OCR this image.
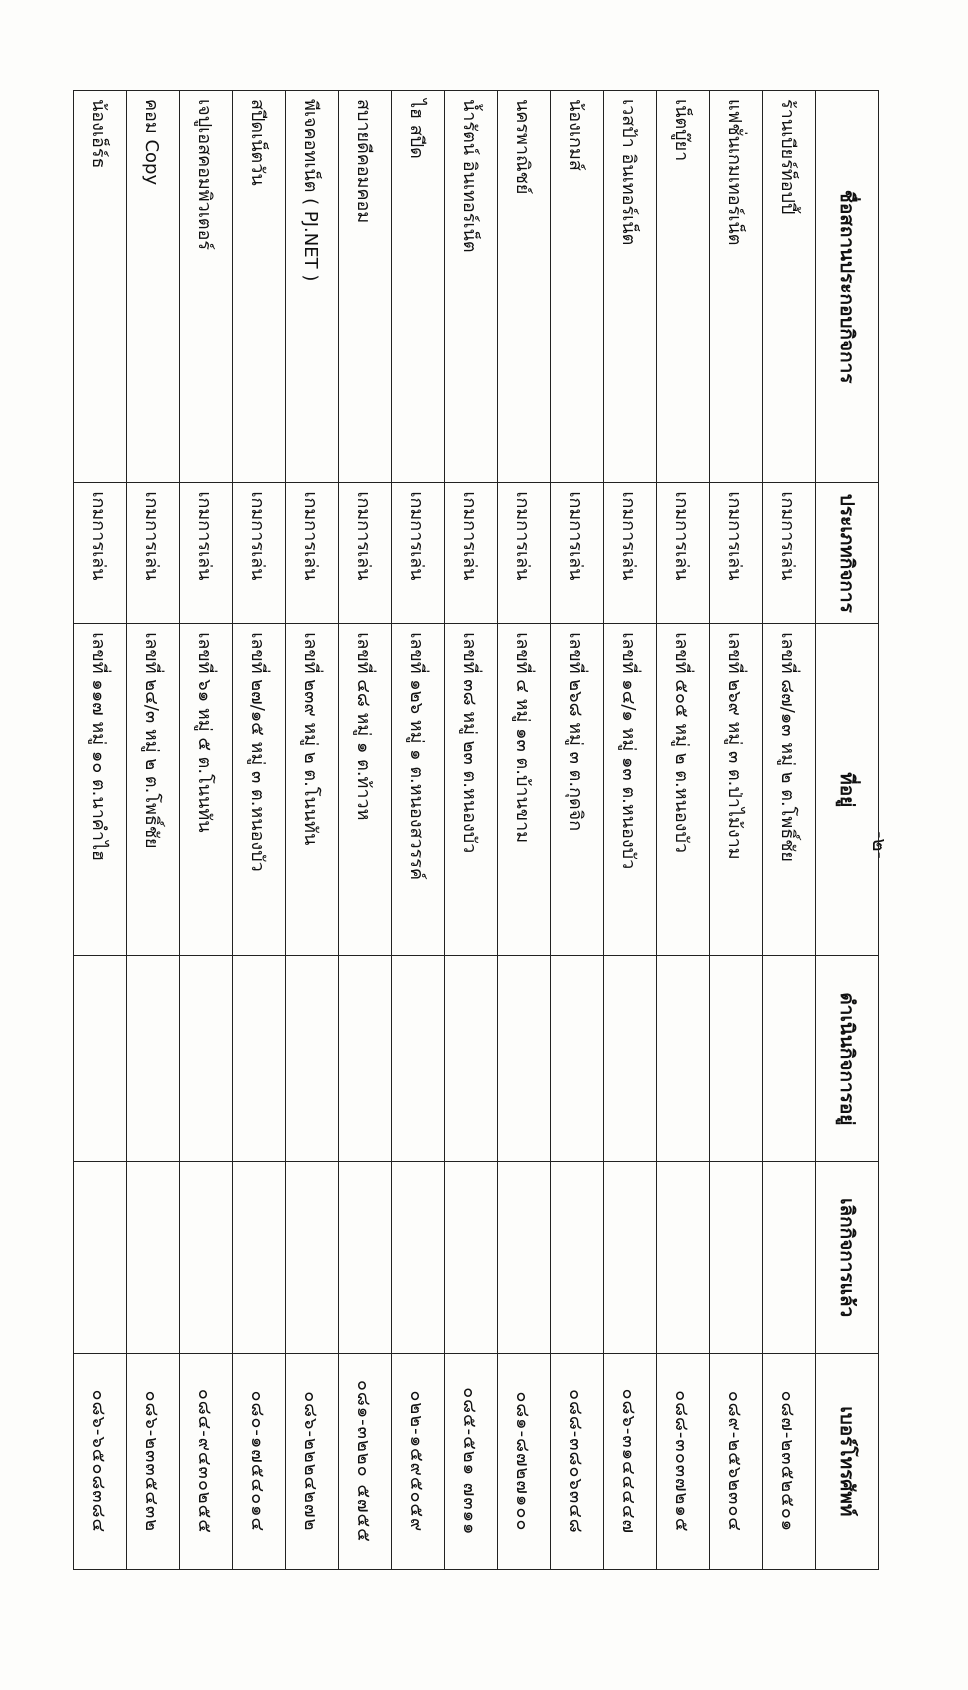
-๒-
ชื่อสถานประกอบกิจการ	ประเภทกิจการ	ที่อยู่	ดำเนินกิจการอยู่	เลิกกิจการแล้ว	เบอร์โทรศัพท์
ร้านเบียร์ท็อปปี้	เกมการเล่น	เลขที่ ๘๗/๑๓ หมู่ ๒ ต.โพธิ์ชัย			๐๘๗-๒๓๕๒๕๐๑
แฟชั่นเกมเทอร์เน็ต	เกมการเล่น	เลขที่ ๒๖๙ หมู่ ๓ ต.ป่าไม้งาม			๐๘๙-๒๕๖๒๓๐๔
เน็ตบู๊ยา	เกมการเล่น	เลขที่ ๕๐๕ หมู่ ๒ ต.หนองบัว			๐๘๘-๓๐๓๗๒๑๕
เวสป้า อินเทอร์เน็ต	เกมการเล่น	เลขที่ ๑๔/๑ หมู่ ๑๓ ต.หนองบัว			๐๘๖-๓๑๔๔๔๔๗
น้องเกมส์	เกมการเล่น	เลขที่ ๒๖๘ หมู่ ๓ ต.กุดจิก			๐๘๘-๓๘๐๖๓๔๘
นครพาณิชย์	เกมการเล่น	เลขที่ ๔ หมู่ ๑๓ ต.บ้านขาม			๐๘๑-๘๗๒๗๑๐๐
น้ำรัตน์ อินเทอร์เน็ต	เกมการเล่น	เลขที่ ๓๘ หมู่ ๒๓ ต.หนองบัว			๐๘๕-๕๒๑ ๗๓๑๑
ไฮ สปีด	เกมการเล่น	เลขที่ ๑๒๖ หมู่ ๑ ต.หนองสวรรค์			๐๒๒-๑๕๙๕๐๕๙
สบายดีคอมคอม	เกมการเล่น	เลขที่ ๔๘ หมู่ ๑ ต.ท้าวห			๐๘๑-๓๒๒๐ ๕๗๕๕
พีเจคอทเน็ต ( PJ.NET )	เกมการเล่น	เลขที่ ๒๓๙ หมู่ ๒ ต.โนนทัน			๐๘๖-๒๒๒๔๒๗๒
สปีดเน็ตวัน	เกมการเล่น	เลขที่ ๒๗/๑๕ หมู่ ๓ ต.หนองบัว			๐๘๐-๑๗๕๔๐๑๔
เจปูเอสคอมพิวเตอร์	เกมการเล่น	เลขที่ ๖๑ หมู่ ๕ ต.โนนทัน			๐๘๔-๙๔๓๐๒๕๕
คอม Copy	เกมการเล่น	เลขที่ ๒๔/๓ หมู่ ๒ ต.โพธิ์ชัย			๐๘๖-๒๓๓๕๔๓๒
น้องเอ็ร์ธ	เกมการเล่น	เลขที่ ๑๑๗ หมู่ ๑๐ ต.นาคำไฮ			๐๘๖-๖๕๐๘๓๘๔
